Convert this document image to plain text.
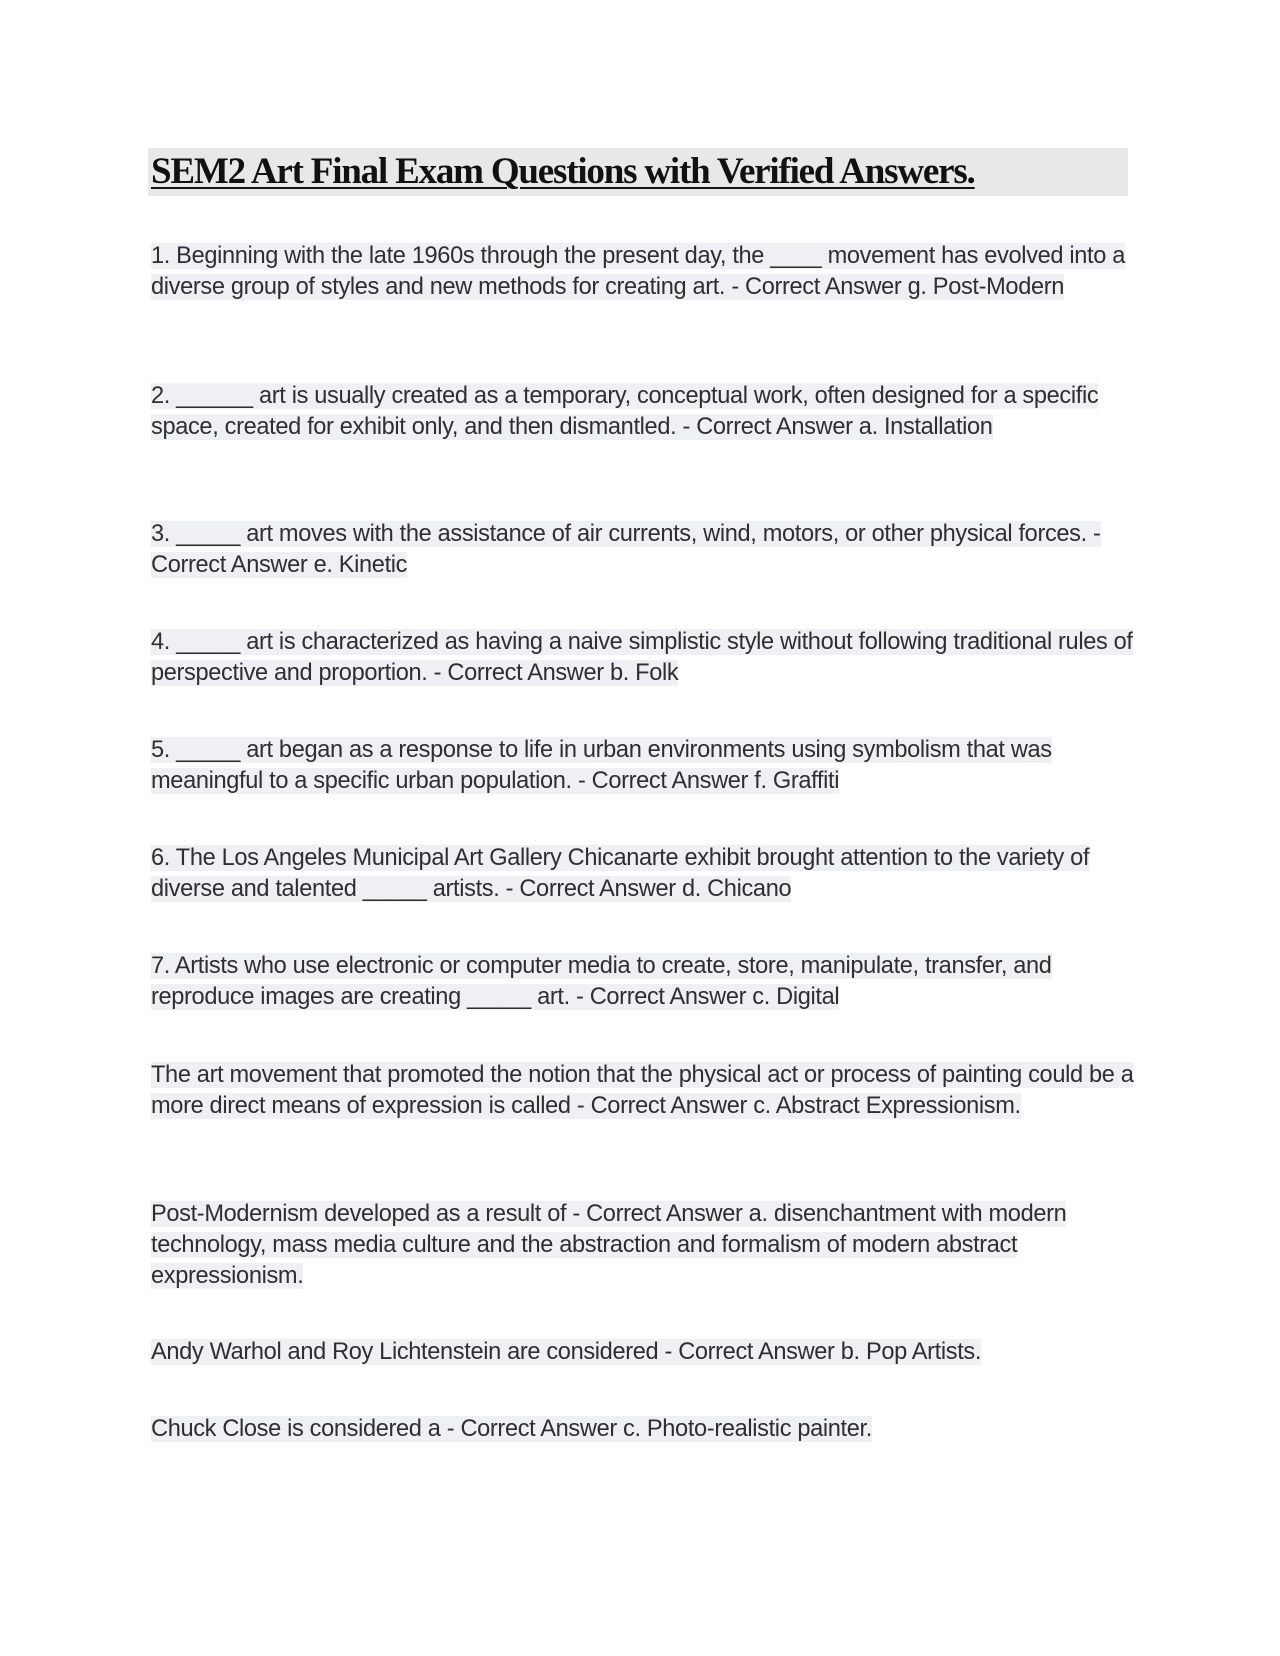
SEM2 Art Final Exam Questions with Verified Answers.

1. Beginning with the late 1960s through the present day, the ____ movement has evolved into a diverse group of styles and new methods for creating art. - Correct Answer g. Post-Modern

2. ______ art is usually created as a temporary, conceptual work, often designed for a specific space, created for exhibit only, and then dismantled. - Correct Answer a. Installation

3. _____ art moves with the assistance of air currents, wind, motors, or other physical forces. - Correct Answer e. Kinetic

4. _____ art is characterized as having a naive simplistic style without following traditional rules of perspective and proportion. - Correct Answer b. Folk

5. _____ art began as a response to life in urban environments using symbolism that was meaningful to a specific urban population. - Correct Answer f. Graffiti

6. The Los Angeles Municipal Art Gallery Chicanarte exhibit brought attention to the variety of diverse and talented _____ artists. - Correct Answer d. Chicano

7. Artists who use electronic or computer media to create, store, manipulate, transfer, and reproduce images are creating _____ art. - Correct Answer c. Digital

The art movement that promoted the notion that the physical act or process of painting could be a more direct means of expression is called - Correct Answer c. Abstract Expressionism.

Post-Modernism developed as a result of - Correct Answer a. disenchantment with modern technology, mass media culture and the abstraction and formalism of modern abstract expressionism.

Andy Warhol and Roy Lichtenstein are considered - Correct Answer b. Pop Artists.

Chuck Close is considered a - Correct Answer c. Photo-realistic painter.
